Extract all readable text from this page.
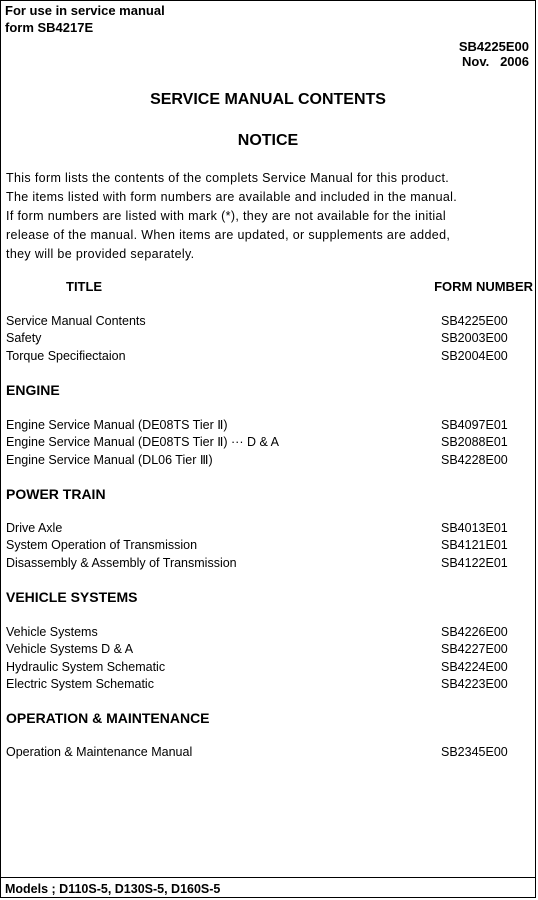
For use in service manual
form SB4217E
SB4225E00
Nov.   2006
SERVICE MANUAL CONTENTS
NOTICE
This form lists the contents of the complets Service Manual for this product.
The items listed with form numbers are available and included in the manual.
If form numbers are listed with mark (*), they are not available for the initial
release of the manual. When items are updated, or supplements are added,
they will be provided separately.
TITLE	FORM NUMBER
Service Manual Contents	SB4225E00
Safety	SB2003E00
Torque Specifiectaion	SB2004E00
ENGINE
Engine Service Manual (DE08TS Tier Ⅱ)	SB4097E01
Engine Service Manual (DE08TS Tier Ⅱ) ··· D & A	SB2088E01
Engine Service Manual (DL06 Tier Ⅲ)	SB4228E00
POWER TRAIN
Drive Axle	SB4013E01
System Operation of Transmission	SB4121E01
Disassembly & Assembly of Transmission	SB4122E01
VEHICLE SYSTEMS
Vehicle Systems	SB4226E00
Vehicle Systems D & A	SB4227E00
Hydraulic System Schematic	SB4224E00
Electric System Schematic	SB4223E00
OPERATION & MAINTENANCE
Operation & Maintenance Manual	SB2345E00
Models ; D110S-5, D130S-5, D160S-5
